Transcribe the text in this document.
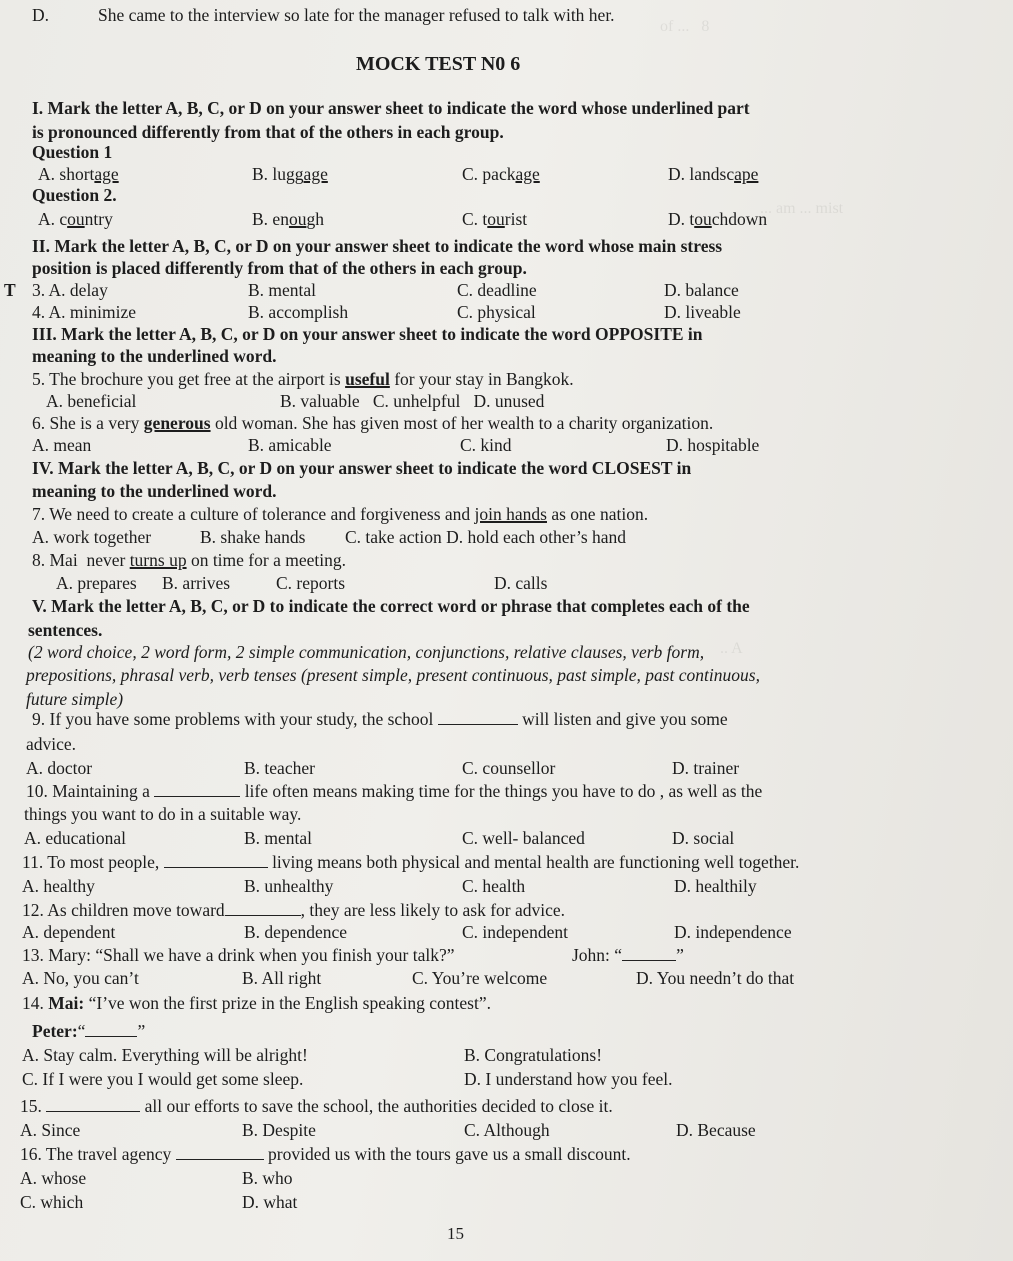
of ...   8
... am ... mist
.. A
D.	She came to the interview so late for the manager refused to talk with her.
MOCK TEST N0 6
I. Mark the letter A, B, C, or D on your answer sheet to indicate the word whose underlined part
is pronounced differently from that of the others in each group.
Question 1
A. shortage	B. luggage	C. package	D. landscape
Question 2.
A. country	B. enough	C. tourist	D. touchdown
II. Mark the letter A, B, C, or D on your answer sheet to indicate the word whose main stress
position is placed differently from that of the others in each group.
T 3. A. delay	B. mental	C. deadline	D. balance
4. A. minimize	B. accomplish	C. physical	D. liveable
III. Mark the letter A, B, C, or D on your answer sheet to indicate the word OPPOSITE in
meaning to the underlined word.
5. The brochure you get free at the airport is useful for your stay in Bangkok.
A. beneficial	B. valuable   C. unhelpful   D. unused
6. She is a very generous old woman. She has given most of her wealth to a charity organization.
A. mean	B. amicable	C. kind	D. hospitable
IV. Mark the letter A, B, C, or D on your answer sheet to indicate the word CLOSEST in
meaning to the underlined word.
7. We need to create a culture of tolerance and forgiveness and join hands as one nation.
A. work together	B. shake hands C. take action D. hold each other’s hand
8. Mai  never turns up on time for a meeting.
A. prepares B. arrives	C. reports	D. calls
V. Mark the letter A, B, C, or D to indicate the correct word or phrase that completes each of the
sentences.
(2 word choice, 2 word form, 2 simple communication, conjunctions, relative clauses, verb form,
prepositions, phrasal verb, verb tenses (present simple, present continuous, past simple, past continuous,
future simple)
9. If you have some problems with your study, the school	will listen and give you some
advice.
A. doctor	B. teacher	C. counsellor	D. trainer
10. Maintaining a	life often means making time for the things you have to do , as well as the
things you want to do in a suitable way.
A. educational	B. mental	C. well- balanced	D. social
11. To most people,	living means both physical and mental health are functioning well together.
A. healthy	B. unhealthy	C. health	D. healthily
12. As children move toward	, they are less likely to ask for advice.
A. dependent	B. dependence	C. independent	D. independence
13. Mary: “Shall we have a drink when you finish your talk?”	John: “	”
A. No, you can’t	B. All right	C. You’re welcome	D. You needn’t do that
14. Mai: “I’ve won the first prize in the English speaking contest”.
Peter:“	”
A. Stay calm. Everything will be alright!	B. Congratulations!
C. If I were you I would get some sleep.	D. I understand how you feel.
15.	all our efforts to save the school, the authorities decided to close it.
A. Since	B. Despite	C. Although	D. Because
16. The travel agency	provided us with the tours gave us a small discount.
A. whose	B. who
C. which	D. what
15
